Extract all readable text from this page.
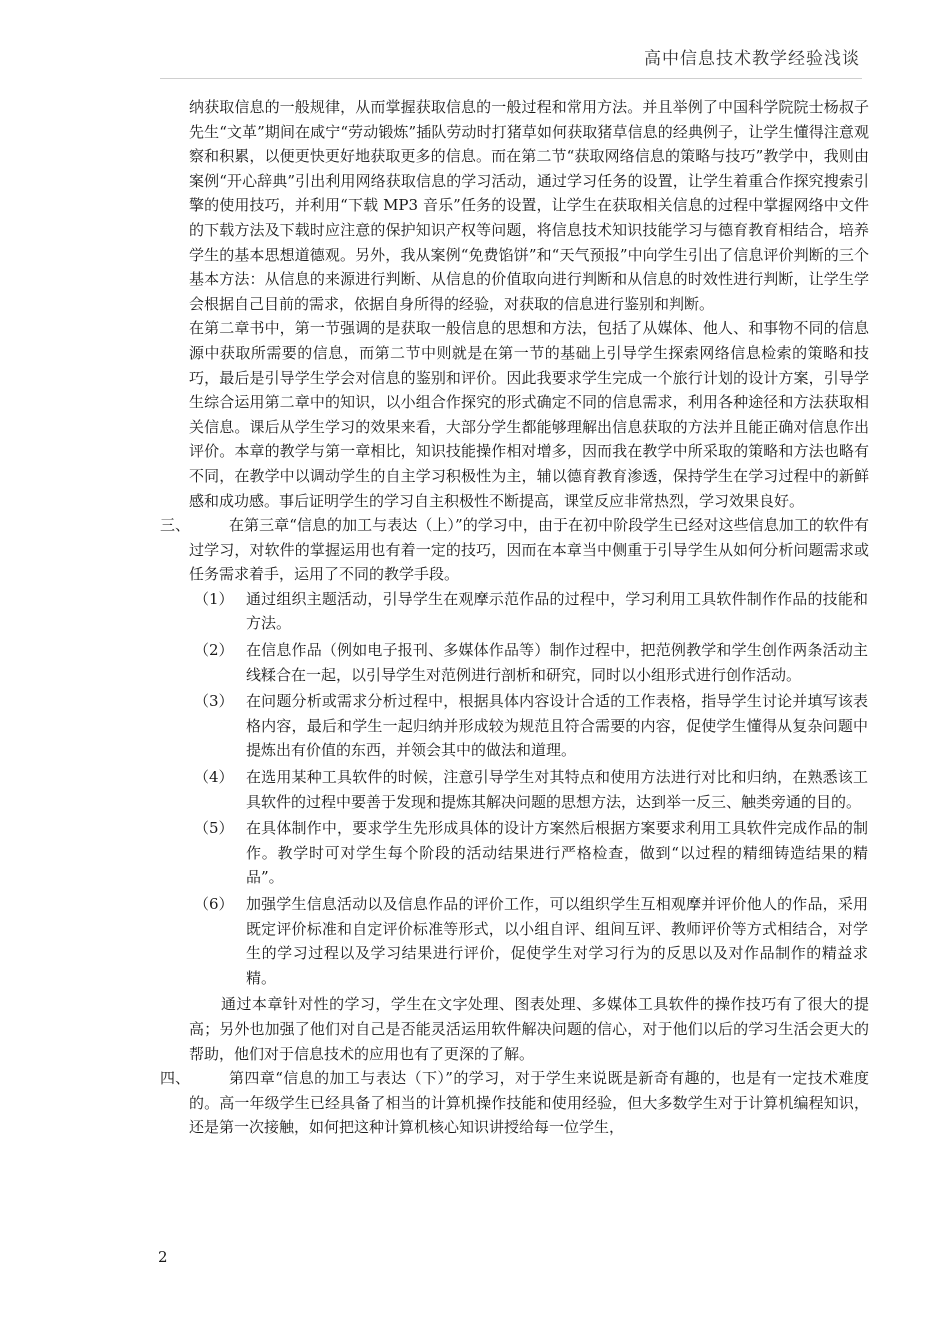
高中信息技术教学经验浅谈
纳获取信息的一般规律，从而掌握获取信息的一般过程和常用方法。并且举例了中国科学院院士杨叔子先生“文革”期间在咸宁“劳动锻炼”插队劳动时打猪草如何获取猪草信息的经典例子，让学生懂得注意观察和积累，以便更快更好地获取更多的信息。而在第二节“获取网络信息的策略与技巧”教学中，我则由案例“开心辞典”引出利用网络获取信息的学习活动，通过学习任务的设置，让学生着重合作探究搜索引擎的使用技巧，并利用“下载 MP3 音乐”任务的设置，让学生在获取相关信息的过程中掌握网络中文件的下载方法及下载时应注意的保护知识产权等问题，将信息技术知识技能学习与德育教育相结合，培养学生的基本思想道德观。另外，我从案例“免费馅饼”和“天气预报”中向学生引出了信息评价判断的三个基本方法：从信息的来源进行判断、从信息的价值取向进行判断和从信息的时效性进行判断，让学生学会根据自己目前的需求，依据自身所得的经验，对获取的信息进行鉴别和判断。
在第二章书中，第一节强调的是获取一般信息的思想和方法，包括了从媒体、他人、和事物不同的信息源中获取所需要的信息，而第二节中则就是在第一节的基础上引导学生探索网络信息检索的策略和技巧，最后是引导学生学会对信息的鉴别和评价。因此我要求学生完成一个旅行计划的设计方案，引导学生综合运用第二章中的知识，以小组合作探究的形式确定不同的信息需求，利用各种途径和方法获取相关信息。课后从学生学习的效果来看，大部分学生都能够理解出信息获取的方法并且能正确对信息作出评价。本章的教学与第一章相比，知识技能操作相对增多，因而我在教学中所采取的策略和方法也略有不同，在教学中以调动学生的自主学习积极性为主，辅以德育教育渗透，保持学生在学习过程中的新鲜感和成功感。事后证明学生的学习自主积极性不断提高，课堂反应非常热烈，学习效果良好。
三、	在第三章“信息的加工与表达（上）”的学习中，由于在初中阶段学生已经对这些信息加工的软件有过学习，对软件的掌握运用也有着一定的技巧，因而在本章当中侧重于引导学生从如何分析问题需求或任务需求着手，运用了不同的教学手段。
（1） 通过组织主题活动，引导学生在观摩示范作品的过程中，学习利用工具软件制作作品的技能和方法。
（2） 在信息作品（例如电子报刊、多媒体作品等）制作过程中，把范例教学和学生创作两条活动主线糅合在一起，以引导学生对范例进行剖析和研究，同时以小组形式进行创作活动。
（3） 在问题分析或需求分析过程中，根据具体内容设计合适的工作表格，指导学生讨论并填写该表格内容，最后和学生一起归纳并形成较为规范且符合需要的内容，促使学生懂得从复杂问题中提炼出有价值的东西，并领会其中的做法和道理。
（4） 在选用某种工具软件的时候，注意引导学生对其特点和使用方法进行对比和归纳，在熟悉该工具软件的过程中要善于发现和提炼其解决问题的思想方法，达到举一反三、触类旁通的目的。
（5） 在具体制作中，要求学生先形成具体的设计方案然后根据方案要求利用工具软件完成作品的制作。教学时可对学生每个阶段的活动结果进行严格检查，做到“以过程的精细铸造结果的精品”。
（6） 加强学生信息活动以及信息作品的评价工作，可以组织学生互相观摩并评价他人的作品，采用既定评价标准和自定评价标准等形式，以小组自评、组间互评、教师评价等方式相结合，对学生的学习过程以及学习结果进行评价，促使学生对学习行为的反思以及对作品制作的精益求精。
通过本章针对性的学习，学生在文字处理、图表处理、多媒体工具软件的操作技巧有了很大的提高；另外也加强了他们对自己是否能灵活运用软件解决问题的信心，对于他们以后的学习生活会更大的帮助，他们对于信息技术的应用也有了更深的了解。
四、	第四章“信息的加工与表达（下）”的学习，对于学生来说既是新奇有趣的，也是有一定技术难度的。高一年级学生已经具备了相当的计算机操作技能和使用经验，但大多数学生对于计算机编程知识，还是第一次接触，如何把这种计算机核心知识讲授给每一位学生，
2
